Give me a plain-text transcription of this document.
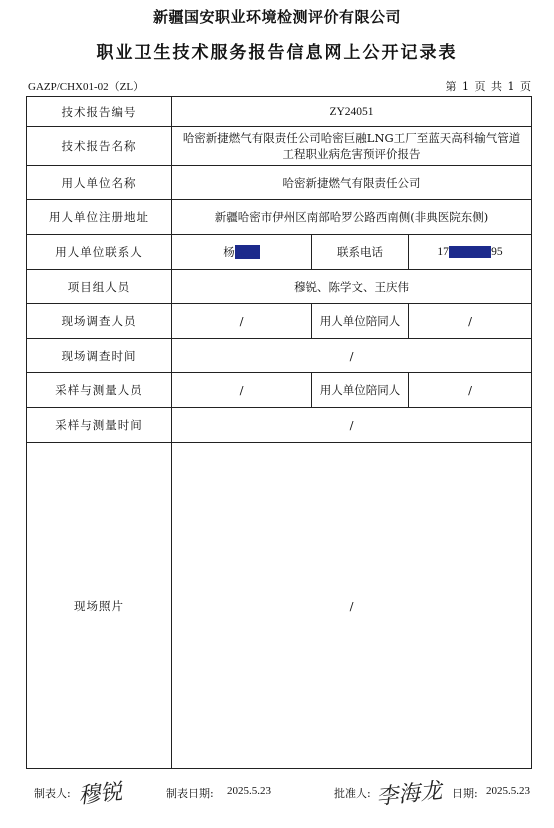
新疆国安职业环境检测评价有限公司
职业卫生技术服务报告信息网上公开记录表
GAZP/CHX01-02（ZL）	第 1 页 共 1 页
技术报告编号	ZY24051		
技术报告名称	哈密新捷燃气有限责任公司哈密巨融LNG工厂至蓝天高科输气管道工程职业病危害预评价报告		
用人单位名称	哈密新捷燃气有限责任公司		
用人单位注册地址	新疆哈密市伊州区南部哈罗公路西南侧(非典医院东侧)		
用人单位联系人	杨某某	联系电话	17000000095
项目组人员	穆锐、陈学文、王庆伟		
现场调查人员	/	用人单位陪同人	/
现场调查时间	/		
采样与测量人员	/	用人单位陪同人	/
采样与测量时间	/		
现场照片	/		
制表人: 穆锐	制表日期: 2025.5.23	批准人: 李海龙 日期: 2025.5.23
